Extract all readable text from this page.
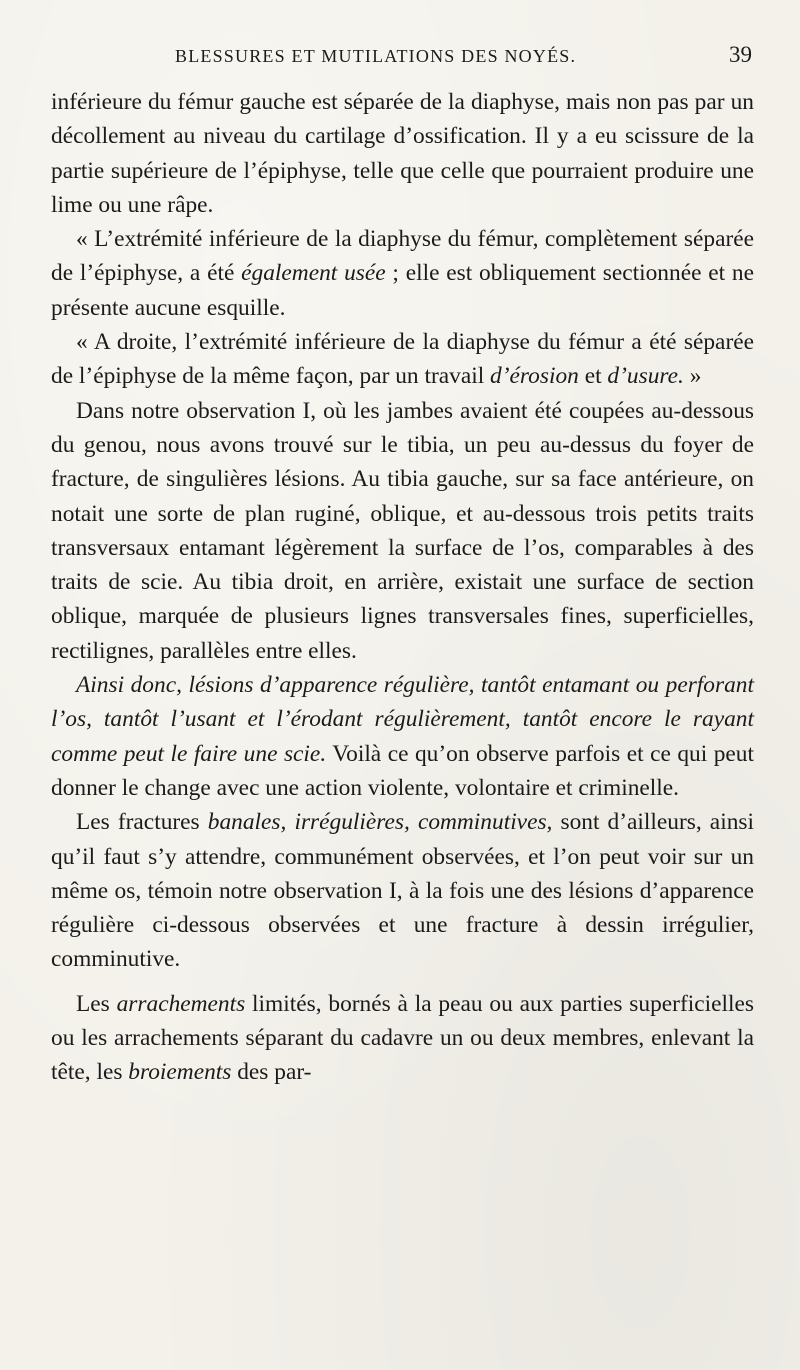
BLESSURES ET MUTILATIONS DES NOYÉS.	39

inférieure du fémur gauche est séparée de la diaphyse, mais non pas par un décollement au niveau du cartilage d’ossification. Il y a eu scissure de la partie supérieure de l’épiphyse, telle que celle que pourraient produire une lime ou une râpe.

« L’extrémité inférieure de la diaphyse du fémur, complètement séparée de l’épiphyse, a été également usée ; elle est obliquement sectionnée et ne présente aucune esquille.

« A droite, l’extrémité inférieure de la diaphyse du fémur a été séparée de l’épiphyse de la même façon, par un travail d’érosion et d’usure. »

Dans notre observation I, où les jambes avaient été coupées au-dessous du genou, nous avons trouvé sur le tibia, un peu au-dessus du foyer de fracture, de singulières lésions. Au tibia gauche, sur sa face antérieure, on notait une sorte de plan ruginé, oblique, et au-dessous trois petits traits transversaux entamant légèrement la surface de l’os, comparables à des traits de scie. Au tibia droit, en arrière, existait une surface de section oblique, marquée de plusieurs lignes transversales fines, superficielles, rectilignes, parallèles entre elles.

Ainsi donc, lésions d’apparence régulière, tantôt entamant ou perforant l’os, tantôt l’usant et l’érodant régulièrement, tantôt encore le rayant comme peut le faire une scie. Voilà ce qu’on observe parfois et ce qui peut donner le change avec une action violente, volontaire et criminelle.

Les fractures banales, irrégulières, comminutives, sont d’ailleurs, ainsi qu’il faut s’y attendre, communément observées, et l’on peut voir sur un même os, témoin notre observation I, à la fois une des lésions d’apparence régulière ci-dessous observées et une fracture à dessin irrégulier, comminutive.

Les arrachements limités, bornés à la peau ou aux parties superficielles ou les arrachements séparant du cadavre un ou deux membres, enlevant la tête, les broiements des par-
